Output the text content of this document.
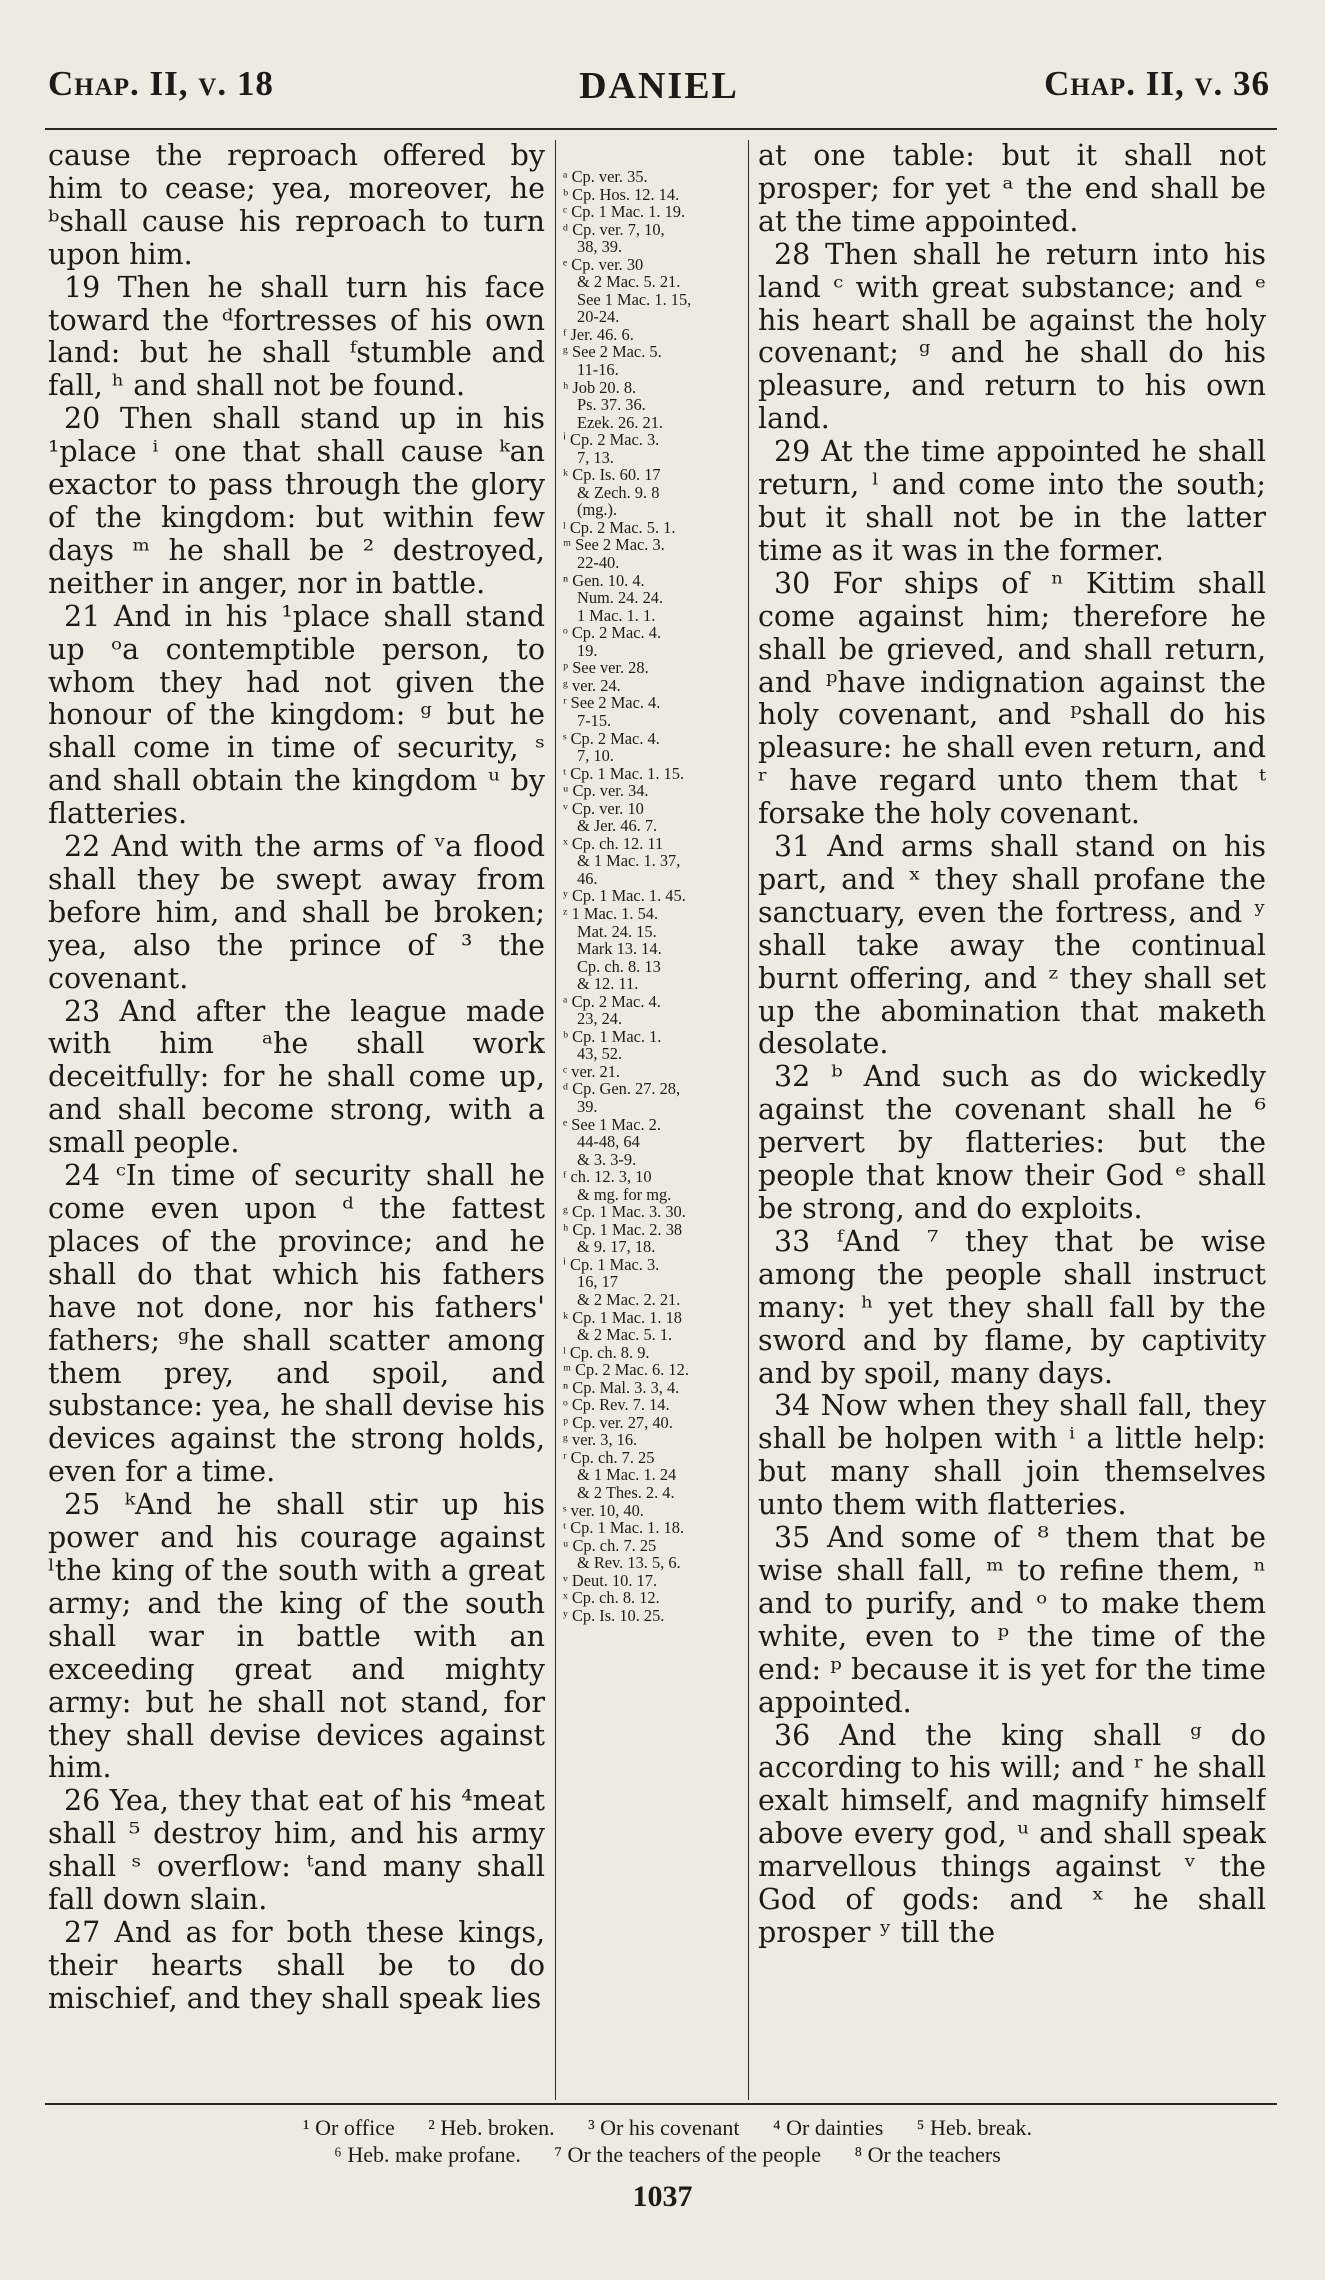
Chap. II, v. 18	DANIEL	Chap. II, v. 36

cause the reproach offered by him to cease; yea, moreover, he ᵇshall cause his reproach to turn upon him.

19 Then he shall turn his face toward the ᵈfortresses of his own land: but he shall ᶠstumble and fall, ʰ and shall not be found.

20 Then shall stand up in his ¹place ⁱ one that shall cause ᵏan exactor to pass through the glory of the kingdom: but within few days ᵐ he shall be ² destroyed, neither in anger, nor in battle.

21 And in his ¹place shall stand up ᵒa contemptible person, to whom they had not given the honour of the kingdom: ᵍ but he shall come in time of security, ˢ and shall obtain the kingdom ᵘ by flatteries.

22 And with the arms of ᵛa flood shall they be swept away from before him, and shall be broken; yea, also the prince of ³ the covenant.

23 And after the league made with him ᵃhe shall work deceitfully: for he shall come up, and shall become strong, with a small people.

24 ᶜIn time of security shall he come even upon ᵈ the fattest places of the province; and he shall do that which his fathers have not done, nor his fathers' fathers; ᵍhe shall scatter among them prey, and spoil, and substance: yea, he shall devise his devices against the strong holds, even for a time.

25 ᵏAnd he shall stir up his power and his courage against ˡthe king of the south with a great army; and the king of the south shall war in battle with an exceeding great and mighty army: but he shall not stand, for they shall devise devices against him.

26 Yea, they that eat of his ⁴meat shall ⁵ destroy him, and his army shall ˢ overflow: ᵗand many shall fall down slain.

27 And as for both these kings, their hearts shall be to do mischief, and they shall speak lies

ᵃ Cp. ver. 35.
ᵇ Cp. Hos. 12. 14.
ᶜ Cp. 1 Mac. 1. 19.
ᵈ Cp. ver. 7, 10,
38, 39.
ᵉ Cp. ver. 30
& 2 Mac. 5. 21.
See 1 Mac. 1. 15,
20-24.
ᶠ Jer. 46. 6.
ᵍ See 2 Mac. 5.
11-16.
ʰ Job 20. 8.
Ps. 37. 36.
Ezek. 26. 21.
ⁱ Cp. 2 Mac. 3.
7, 13.
ᵏ Cp. Is. 60. 17
& Zech. 9. 8
(mg.).
ˡ Cp. 2 Mac. 5. 1.
ᵐ See 2 Mac. 3.
22-40.
ⁿ Gen. 10. 4.
Num. 24. 24.
1 Mac. 1. 1.
ᵒ Cp. 2 Mac. 4.
19.
ᵖ See ver. 28.
ᵍ ver. 24.
ʳ See 2 Mac. 4.
7-15.
ˢ Cp. 2 Mac. 4.
7, 10.
ᵗ Cp. 1 Mac. 1. 15.
ᵘ Cp. ver. 34.
ᵛ Cp. ver. 10
& Jer. 46. 7.
ˣ Cp. ch. 12. 11
& 1 Mac. 1. 37,
46.
ʸ Cp. 1 Mac. 1. 45.
ᶻ 1 Mac. 1. 54.
Mat. 24. 15.
Mark 13. 14.
Cp. ch. 8. 13
& 12. 11.
ᵃ Cp. 2 Mac. 4.
23, 24.
ᵇ Cp. 1 Mac. 1.
43, 52.
ᶜ ver. 21.
ᵈ Cp. Gen. 27. 28,
39.
ᵉ See 1 Mac. 2.
44-48, 64
& 3. 3-9.
ᶠ ch. 12. 3, 10
& mg. for mg.
ᵍ Cp. 1 Mac. 3. 30.
ʰ Cp. 1 Mac. 2. 38
& 9. 17, 18.
ⁱ Cp. 1 Mac. 3.
16, 17
& 2 Mac. 2. 21.
ᵏ Cp. 1 Mac. 1. 18
& 2 Mac. 5. 1.
ˡ Cp. ch. 8. 9.
ᵐ Cp. 2 Mac. 6. 12.
ⁿ Cp. Mal. 3. 3, 4.
ᵒ Cp. Rev. 7. 14.
ᵖ Cp. ver. 27, 40.
ᵍ ver. 3, 16.
ʳ Cp. ch. 7. 25
& 1 Mac. 1. 24
& 2 Thes. 2. 4.
ˢ ver. 10, 40.
ᵗ Cp. 1 Mac. 1. 18.
ᵘ Cp. ch. 7. 25
& Rev. 13. 5, 6.
ᵛ Deut. 10. 17.
ˣ Cp. ch. 8. 12.
ʸ Cp. Is. 10. 25.

at one table: but it shall not prosper; for yet ᵃ the end shall be at the time appointed.

28 Then shall he return into his land ᶜ with great substance; and ᵉ his heart shall be against the holy covenant; ᵍ and he shall do his pleasure, and return to his own land.

29 At the time appointed he shall return, ˡ and come into the south; but it shall not be in the latter time as it was in the former.

30 For ships of ⁿ Kittim shall come against him; therefore he shall be grieved, and shall return, and ᵖhave indignation against the holy covenant, and ᵖshall do his pleasure: he shall even return, and ʳ have regard unto them that ᵗ forsake the holy covenant.

31 And arms shall stand on his part, and ˣ they shall profane the sanctuary, even the fortress, and ʸ shall take away the continual burnt offering, and ᶻ they shall set up the abomination that maketh desolate.

32 ᵇ And such as do wickedly against the covenant shall he ⁶ pervert by flatteries: but the people that know their God ᵉ shall be strong, and do exploits.

33 ᶠAnd ⁷ they that be wise among the people shall instruct many: ʰ yet they shall fall by the sword and by flame, by captivity and by spoil, many days.

34 Now when they shall fall, they shall be holpen with ⁱ a little help: but many shall join themselves unto them with flatteries.

35 And some of ⁸ them that be wise shall fall, ᵐ to refine them, ⁿ and to purify, and ᵒ to make them white, even to ᵖ the time of the end: ᵖ because it is yet for the time appointed.

36 And the king shall ᵍ do according to his will; and ʳ he shall exalt himself, and magnify himself above every god, ᵘ and shall speak marvellous things against ᵛ the God of gods: and ˣ he shall prosper ʸ till the

¹ Or office ² Heb. broken. ³ Or his covenant ⁴ Or dainties ⁵ Heb. break.
⁶ Heb. make profane. ⁷ Or the teachers of the people ⁸ Or the teachers
1037
